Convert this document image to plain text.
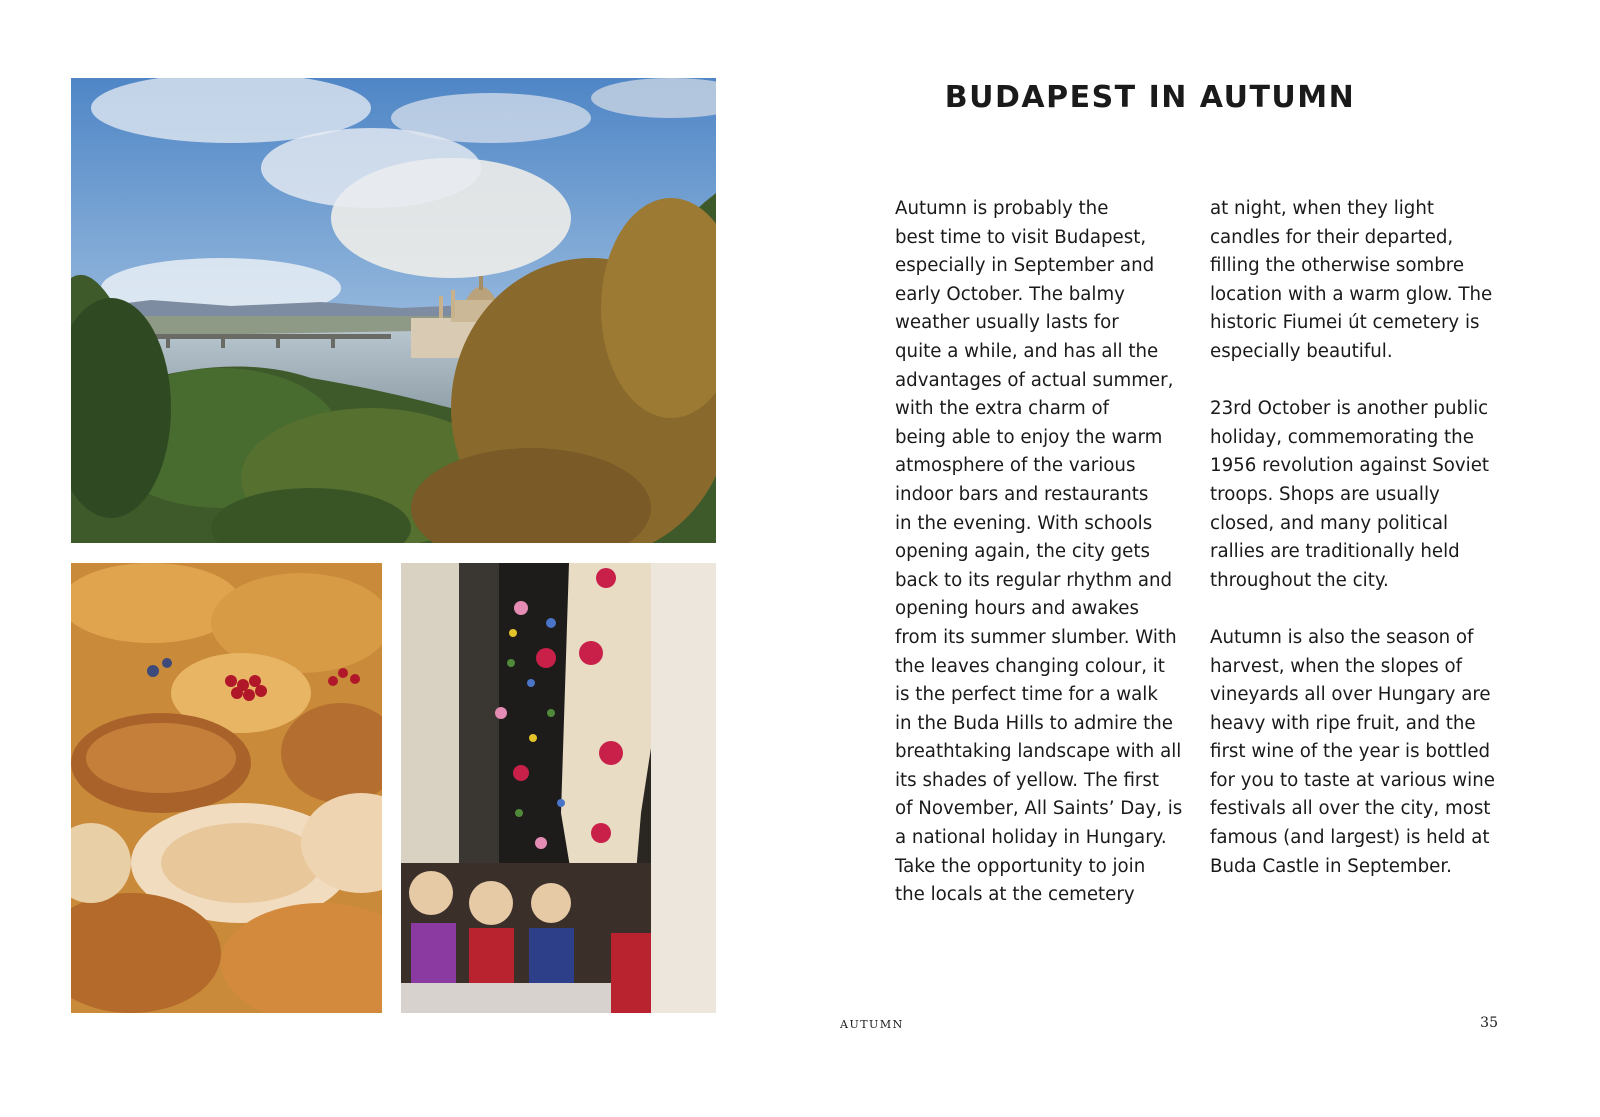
BUDAPEST IN AUTUMN

Autumn is probably the
best time to visit Budapest,
especially in September and
early October. The balmy
weather usually lasts for
quite a while, and has all the
advantages of actual summer,
with the extra charm of
being able to enjoy the warm
atmosphere of the various
indoor bars and restaurants
in the evening. With schools
opening again, the city gets
back to its regular rhythm and
opening hours and awakes
from its summer slumber. With
the leaves changing colour, it
is the perfect time for a walk
in the Buda Hills to admire the
breathtaking landscape with all
its shades of yellow. The first
of November, All Saints’ Day, is
a national holiday in Hungary.
Take the opportunity to join
the locals at the cemetery

at night, when they light
candles for their departed,
filling the otherwise sombre
location with a warm glow. The
historic Fiumei út cemetery is
especially beautiful.

23rd October is another public
holiday, commemorating the
1956 revolution against Soviet
troops. Shops are usually
closed, and many political
rallies are traditionally held
throughout the city.

Autumn is also the season of
harvest, when the slopes of
vineyards all over Hungary are
heavy with ripe fruit, and the
first wine of the year is bottled
for you to taste at various wine
festivals all over the city, most
famous (and largest) is held at
Buda Castle in September.

AUTUMN	35
